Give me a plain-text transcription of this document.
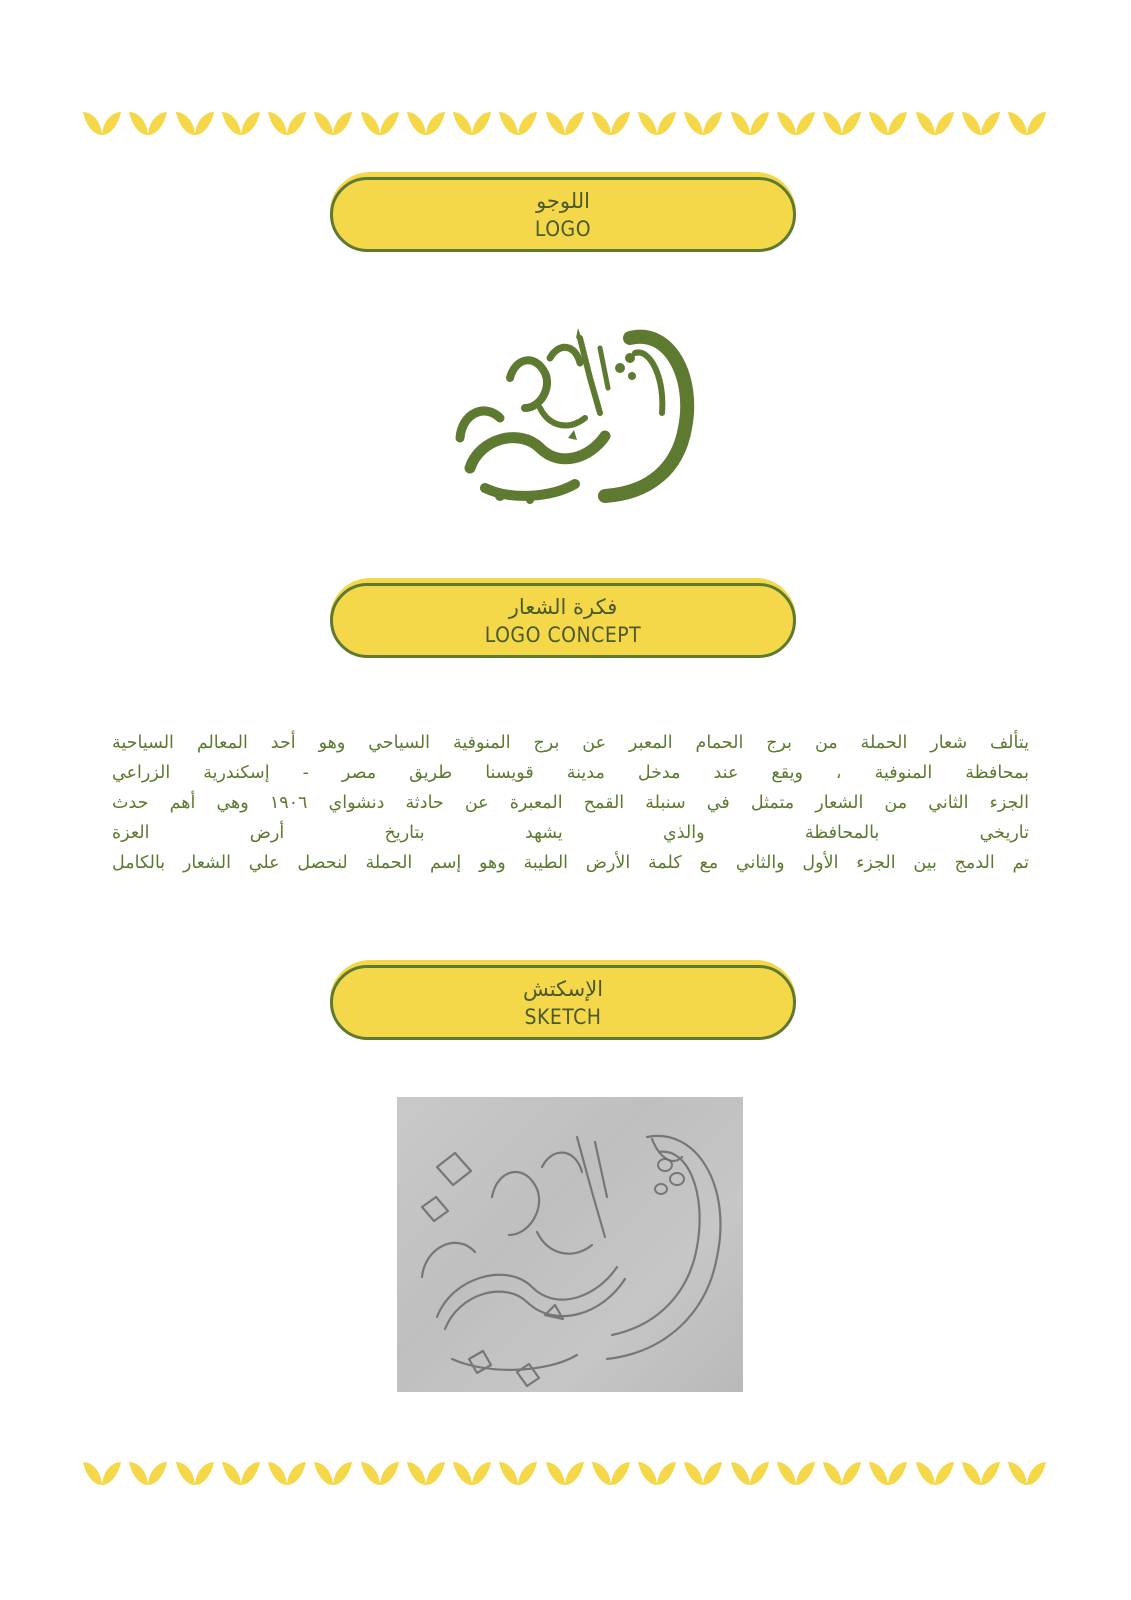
اللوجو
LOGO
فكرة الشعار
LOGO CONCEPT
يتألف شعار الحملة من برج الحمام المعبر عن برج المنوفية السياحي وهو أحد المعالم السياحية
بمحافظة المنوفية ، ويقع عند مدخل مدينة قويسنا طريق مصر - إسكندرية الزراعي
الجزء الثاني من الشعار متمثل في سنبلة القمح المعبرة عن حادثة دنشواي ١٩٠٦ وهي أهم حدث
تاريخي بالمحافظة والذي يشهد بتاريخ أرض العزة
تم الدمج بين الجزء الأول والثاني مع كلمة الأرض الطيبة وهو إسم الحملة لنحصل علي الشعار بالكامل
الإسكتش
SKETCH
